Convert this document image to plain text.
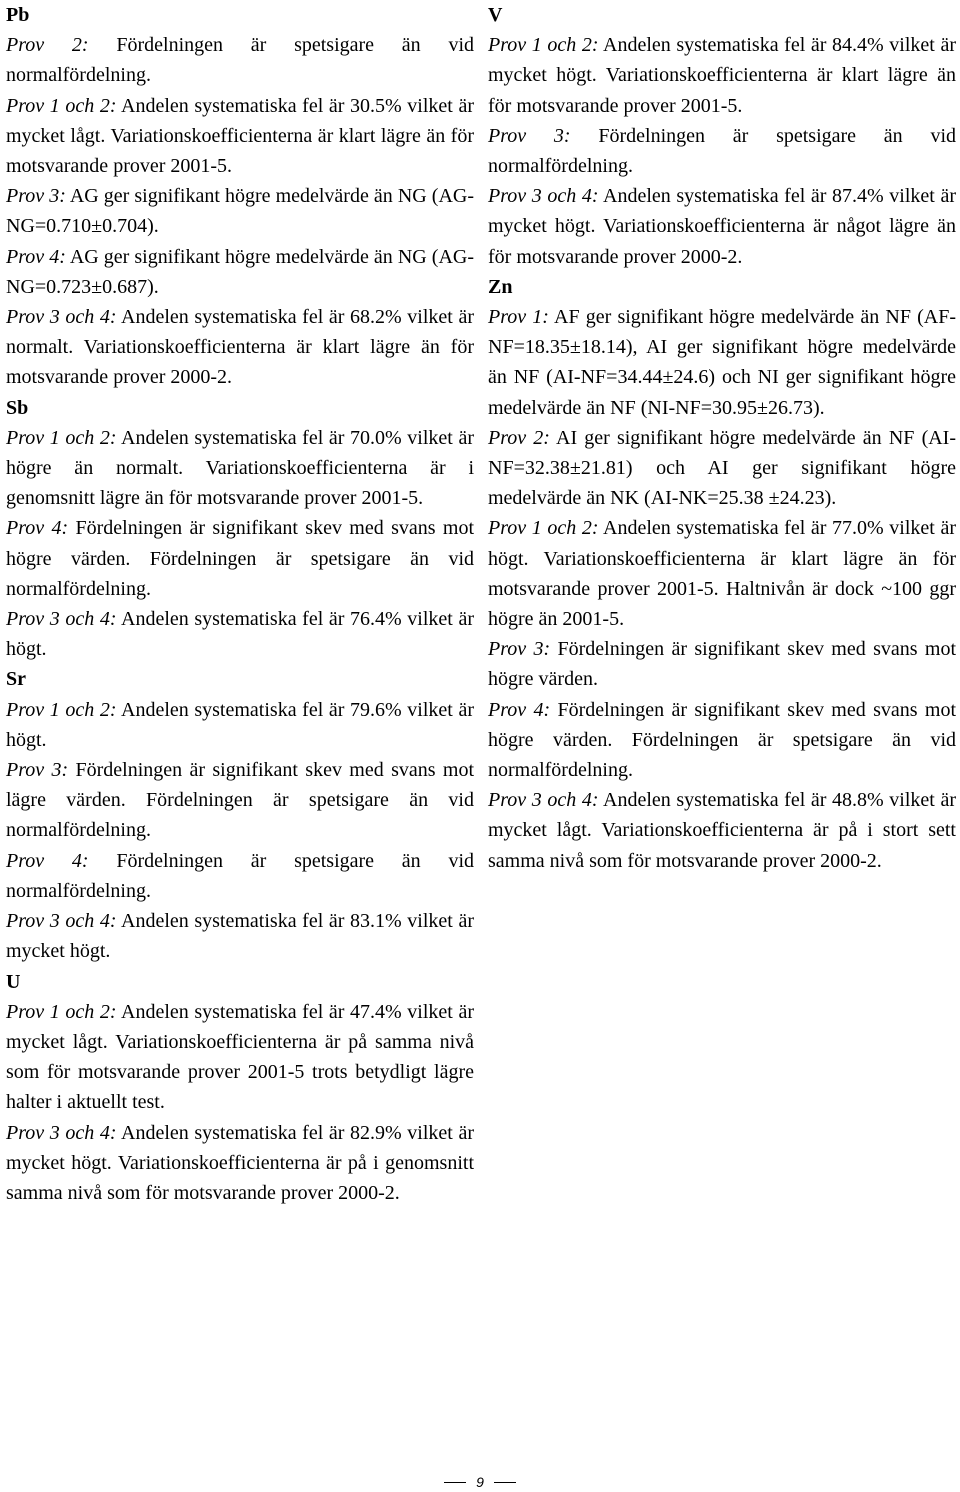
Pb
Prov 2: Fördelningen är spetsigare än vid normalfördelning.
Prov 1 och 2: Andelen systematiska fel är 30.5% vilket är mycket lågt. Variationskoefficienterna är klart lägre än för motsvarande prover 2001-5.
Prov 3: AG ger signifikant högre medelvärde än NG (AG-NG=0.710±0.704).
Prov 4: AG ger signifikant högre medelvärde än NG (AG-NG=0.723±0.687).
Prov 3 och 4: Andelen systematiska fel är 68.2% vilket är normalt. Variationskoefficienterna är klart lägre än för motsvarande prover 2000-2.
Sb
Prov 1 och 2: Andelen systematiska fel är 70.0% vilket är högre än normalt. Variationskoefficienterna är i genomsnitt lägre än för motsvarande prover 2001-5.
Prov 4: Fördelningen är signifikant skev med svans mot högre värden. Fördelningen är spetsigare än vid normalfördelning.
Prov 3 och 4: Andelen systematiska fel är 76.4% vilket är högt.
Sr
Prov 1 och 2: Andelen systematiska fel är 79.6% vilket är högt.
Prov 3: Fördelningen är signifikant skev med svans mot lägre värden. Fördelningen är spetsigare än vid normalfördelning.
Prov 4: Fördelningen är spetsigare än vid normalfördelning.
Prov 3 och 4: Andelen systematiska fel är 83.1% vilket är mycket högt.
U
Prov 1 och 2: Andelen systematiska fel är 47.4% vilket är mycket lågt. Variationskoefficienterna är på samma nivå som för motsvarande prover 2001-5 trots betydligt lägre halter i aktuellt test.
Prov 3 och 4: Andelen systematiska fel är 82.9% vilket är mycket högt. Variationskoefficienterna är på i genomsnitt samma nivå som för motsvarande prover 2000-2.
V
Prov 1 och 2: Andelen systematiska fel är 84.4% vilket är mycket högt. Variationskoefficienterna är klart lägre än för motsvarande prover 2001-5.
Prov 3: Fördelningen är spetsigare än vid normalfördelning.
Prov 3 och 4: Andelen systematiska fel är 87.4% vilket är mycket högt. Variationskoefficienterna är något lägre än för motsvarande prover 2000-2.
Zn
Prov 1: AF ger signifikant högre medelvärde än NF (AF-NF=18.35±18.14), AI ger signifikant högre medelvärde än NF (AI-NF=34.44±24.6) och NI ger signifikant högre medelvärde än NF (NI-NF=30.95±26.73).
Prov 2: AI ger signifikant högre medelvärde än NF (AI-NF=32.38±21.81) och AI ger signifikant högre medelvärde än NK (AI-NK=25.38 ±24.23).
Prov 1 och 2: Andelen systematiska fel är 77.0% vilket är högt. Variationskoefficienterna är klart lägre än för motsvarande prover 2001-5. Haltnivån är dock ~100 ggr högre än 2001-5.
Prov 3: Fördelningen är signifikant skev med svans mot högre värden.
Prov 4: Fördelningen är signifikant skev med svans mot högre värden. Fördelningen är spetsigare än vid normalfördelning.
Prov 3 och 4: Andelen systematiska fel är 48.8% vilket är mycket lågt. Variationskoefficienterna är på i stort sett samma nivå som för motsvarande prover 2000-2.
9
